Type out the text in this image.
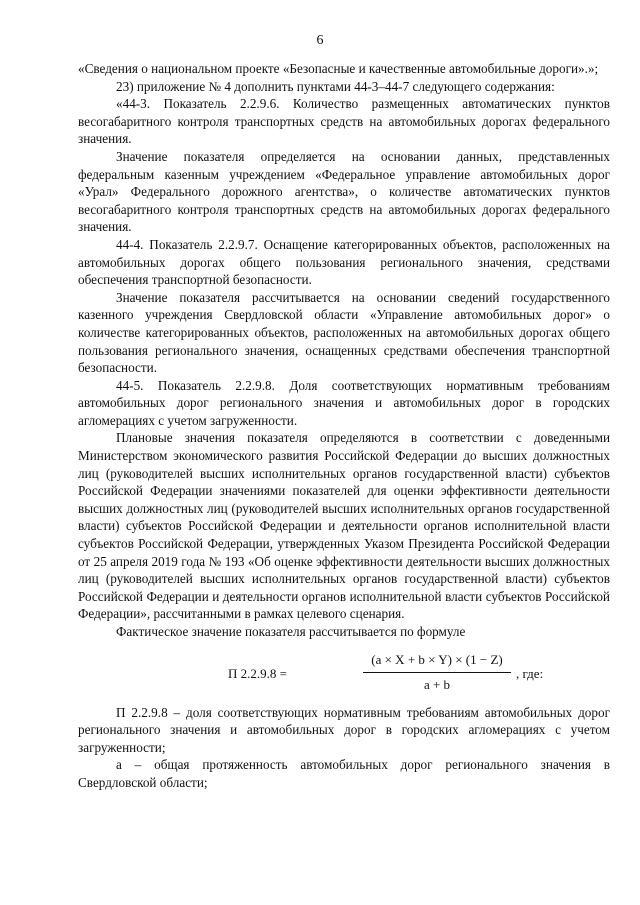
6

«Сведения о национальном проекте «Безопасные и качественные автомобильные дороги».»;

23) приложение № 4 дополнить пунктами 44-3–44-7 следующего содержания:

«44-3. Показатель 2.2.9.6. Количество размещенных автоматических пунктов весогабаритного контроля транспортных средств на автомобильных дорогах федерального значения.

Значение показателя определяется на основании данных, представленных федеральным казенным учреждением «Федеральное управление автомобильных дорог «Урал» Федерального дорожного агентства», о количестве автоматических пунктов весогабаритного контроля транспортных средств на автомобильных дорогах федерального значения.

44-4. Показатель 2.2.9.7. Оснащение категорированных объектов, расположенных на автомобильных дорогах общего пользования регионального значения, средствами обеспечения транспортной безопасности.

Значение показателя рассчитывается на основании сведений государственного казенного учреждения Свердловской области «Управление автомобильных дорог» о количестве категорированных объектов, расположенных на автомобильных дорогах общего пользования регионального значения, оснащенных средствами обеспечения транспортной безопасности.

44-5. Показатель 2.2.9.8. Доля соответствующих нормативным требованиям автомобильных дорог регионального значения и автомобильных дорог в городских агломерациях с учетом загруженности.

Плановые значения показателя определяются в соответствии с доведенными Министерством экономического развития Российской Федерации до высших должностных лиц (руководителей высших исполнительных органов государственной власти) субъектов Российской Федерации значениями показателей для оценки эффективности деятельности высших должностных лиц (руководителей высших исполнительных органов государственной власти) субъектов Российской Федерации и деятельности органов исполнительной власти субъектов Российской Федерации, утвержденных Указом Президента Российской Федерации от 25 апреля 2019 года № 193 «Об оценке эффективности деятельности высших должностных лиц (руководителей высших исполнительных органов государственной власти) субъектов Российской Федерации и деятельности органов исполнительной власти субъектов Российской Федерации», рассчитанными в рамках целевого сценария.

Фактическое значение показателя рассчитывается по формуле

П 2.2.9.8 =
(a × X + b × Y) × (1 − Z)
a + b
, где:

П 2.2.9.8 – доля соответствующих нормативным требованиям автомобильных дорог регионального значения и автомобильных дорог в городских агломерациях с учетом загруженности;

a – общая протяженность автомобильных дорог регионального значения в Свердловской области;
